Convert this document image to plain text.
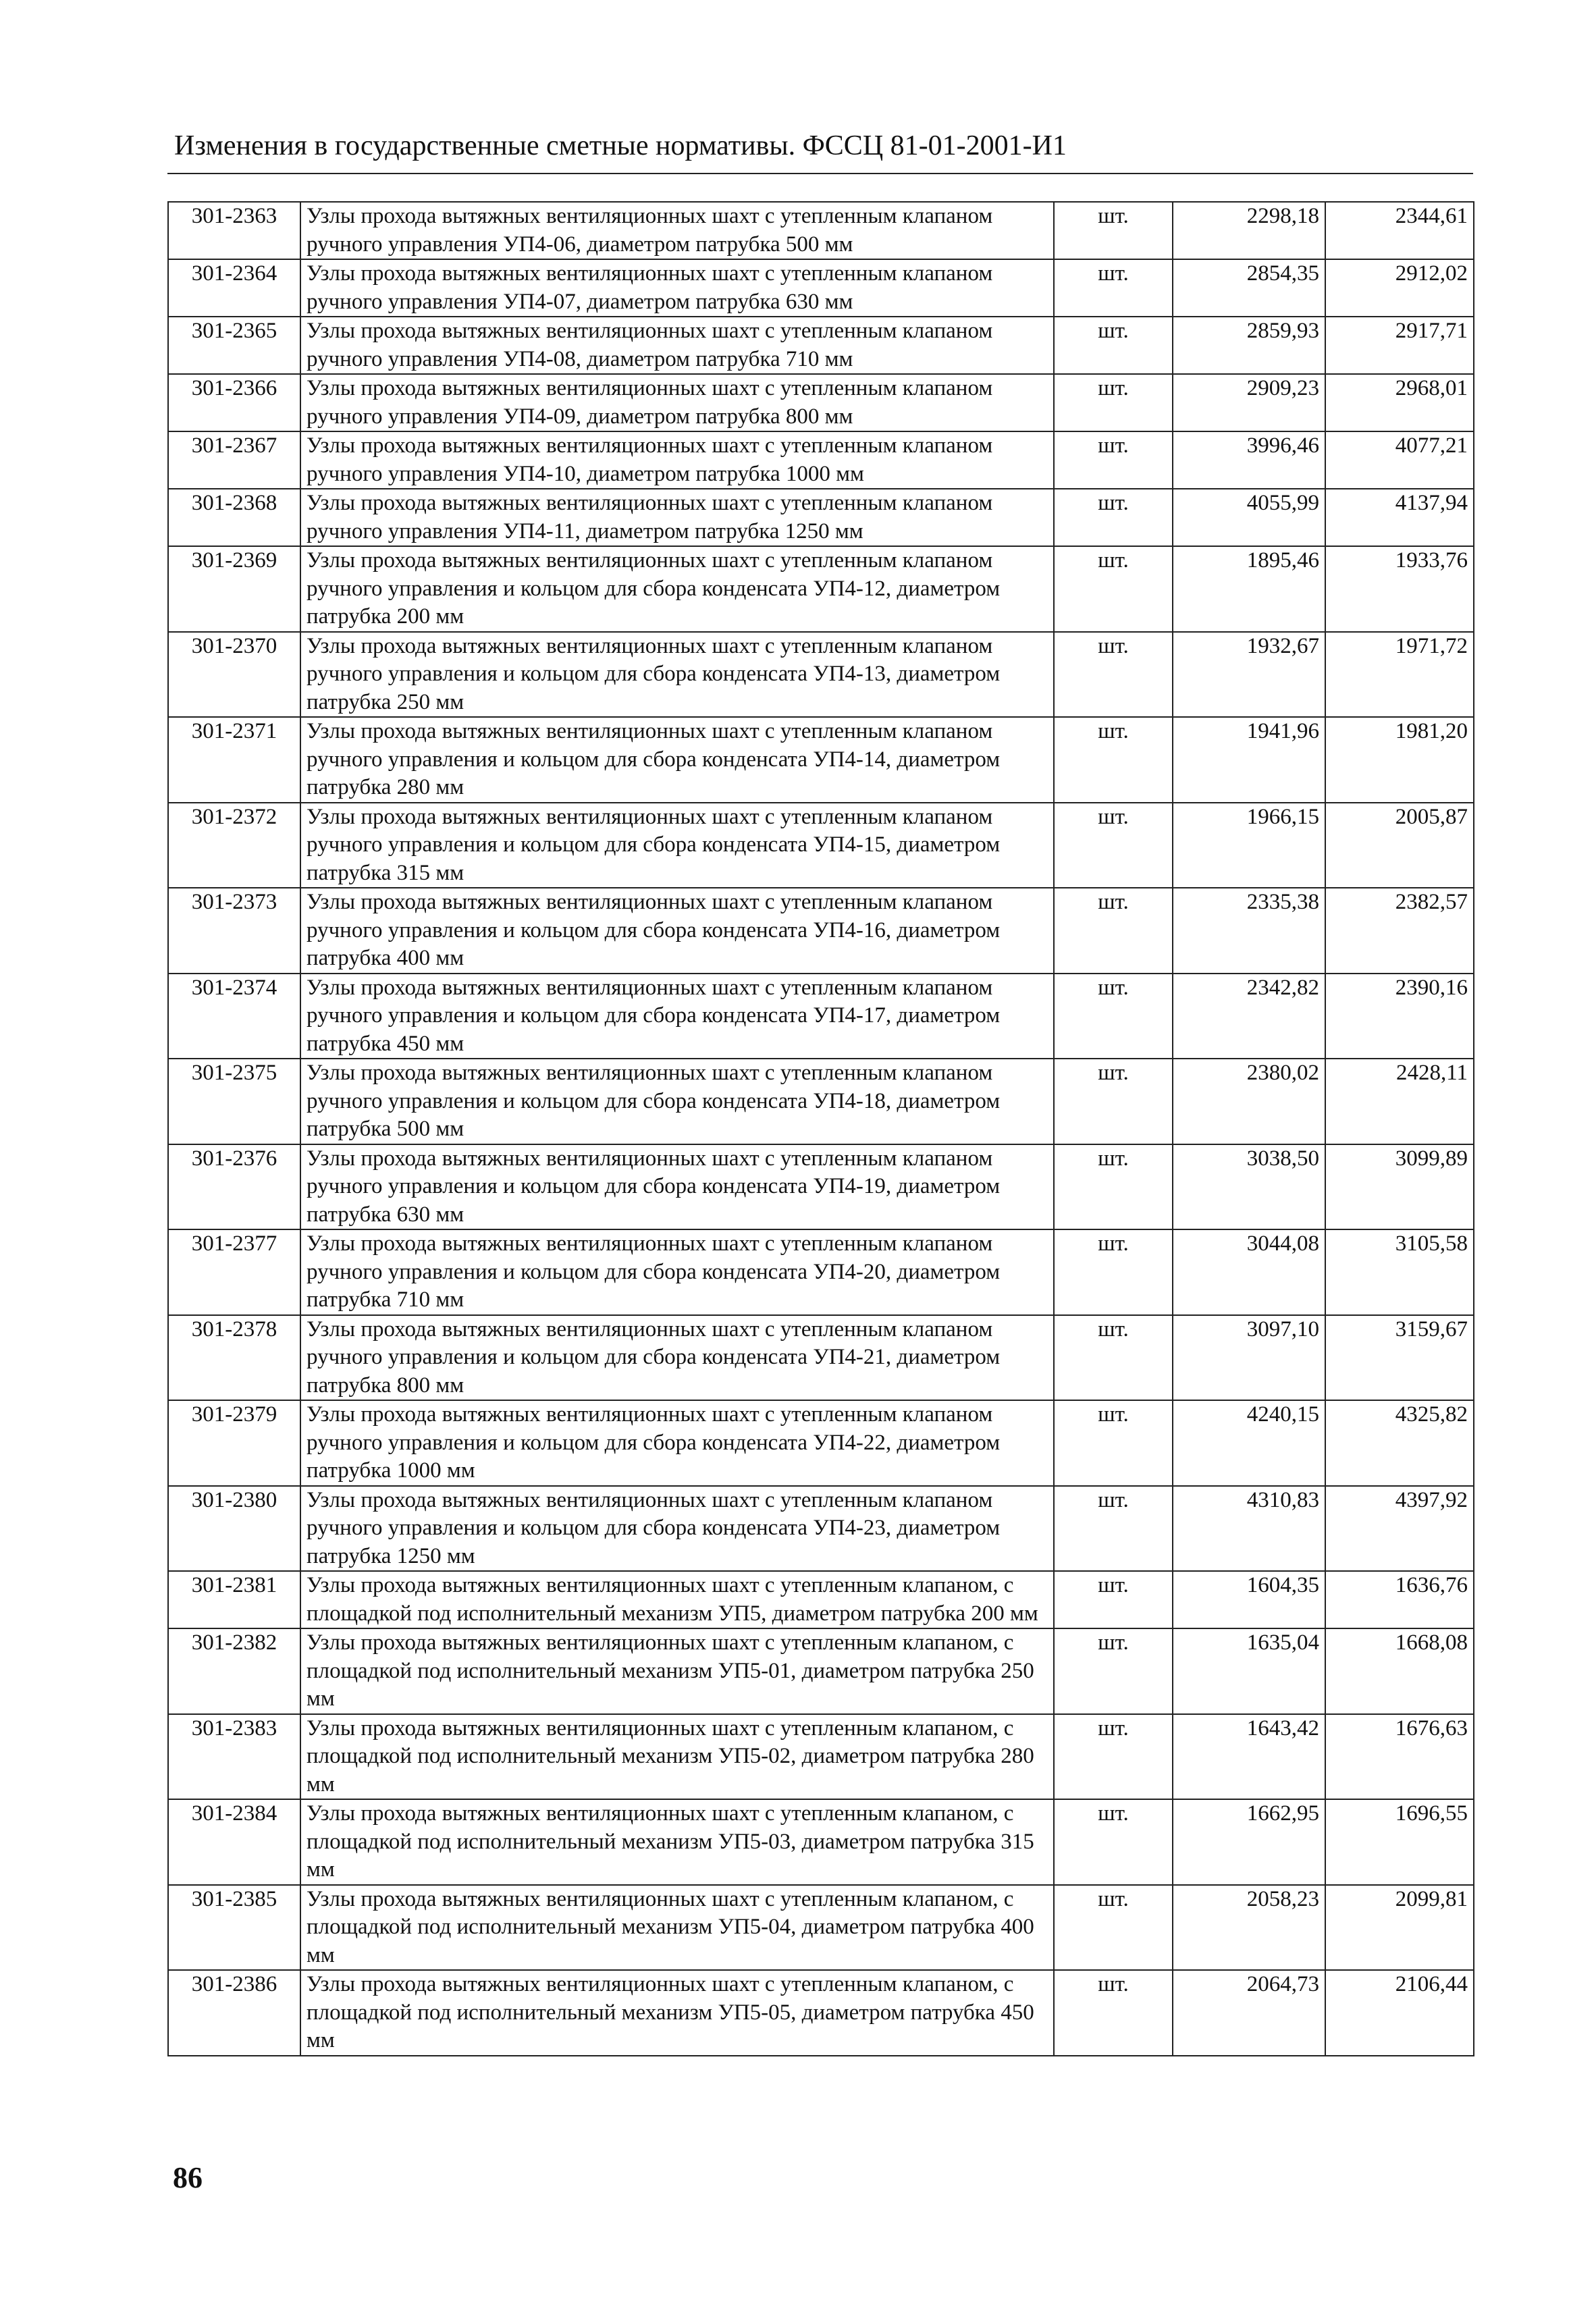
Изменения в государственные сметные нормативы. ФССЦ 81-01-2001-И1
301-2363	Узлы прохода вытяжных вентиляционных шахт с утепленным клапаном ручного управления УП4-06, диаметром патрубка 500 мм	шт.	2298,18	2344,61
301-2364	Узлы прохода вытяжных вентиляционных шахт с утепленным клапаном ручного управления УП4-07, диаметром патрубка 630 мм	шт.	2854,35	2912,02
301-2365	Узлы прохода вытяжных вентиляционных шахт с утепленным клапаном ручного управления УП4-08, диаметром патрубка 710 мм	шт.	2859,93	2917,71
301-2366	Узлы прохода вытяжных вентиляционных шахт с утепленным клапаном ручного управления УП4-09, диаметром патрубка 800 мм	шт.	2909,23	2968,01
301-2367	Узлы прохода вытяжных вентиляционных шахт с утепленным клапаном ручного управления УП4-10, диаметром патрубка 1000 мм	шт.	3996,46	4077,21
301-2368	Узлы прохода вытяжных вентиляционных шахт с утепленным клапаном ручного управления УП4-11, диаметром патрубка 1250 мм	шт.	4055,99	4137,94
301-2369	Узлы прохода вытяжных вентиляционных шахт с утепленным клапаном ручного управления и кольцом для сбора конденсата УП4-12, диаметром патрубка 200 мм	шт.	1895,46	1933,76
301-2370	Узлы прохода вытяжных вентиляционных шахт с утепленным клапаном ручного управления и кольцом для сбора конденсата УП4-13, диаметром патрубка 250 мм	шт.	1932,67	1971,72
301-2371	Узлы прохода вытяжных вентиляционных шахт с утепленным клапаном ручного управления и кольцом для сбора конденсата УП4-14, диаметром патрубка 280 мм	шт.	1941,96	1981,20
301-2372	Узлы прохода вытяжных вентиляционных шахт с утепленным клапаном ручного управления и кольцом для сбора конденсата УП4-15, диаметром патрубка 315 мм	шт.	1966,15	2005,87
301-2373	Узлы прохода вытяжных вентиляционных шахт с утепленным клапаном ручного управления и кольцом для сбора конденсата УП4-16, диаметром патрубка 400 мм	шт.	2335,38	2382,57
301-2374	Узлы прохода вытяжных вентиляционных шахт с утепленным клапаном ручного управления и кольцом для сбора конденсата УП4-17, диаметром патрубка 450 мм	шт.	2342,82	2390,16
301-2375	Узлы прохода вытяжных вентиляционных шахт с утепленным клапаном ручного управления и кольцом для сбора конденсата УП4-18, диаметром патрубка 500 мм	шт.	2380,02	2428,11
301-2376	Узлы прохода вытяжных вентиляционных шахт с утепленным клапаном ручного управления и кольцом для сбора конденсата УП4-19, диаметром патрубка 630 мм	шт.	3038,50	3099,89
301-2377	Узлы прохода вытяжных вентиляционных шахт с утепленным клапаном ручного управления и кольцом для сбора конденсата УП4-20, диаметром патрубка 710 мм	шт.	3044,08	3105,58
301-2378	Узлы прохода вытяжных вентиляционных шахт с утепленным клапаном ручного управления и кольцом для сбора конденсата УП4-21, диаметром патрубка 800 мм	шт.	3097,10	3159,67
301-2379	Узлы прохода вытяжных вентиляционных шахт с утепленным клапаном ручного управления и кольцом для сбора конденсата УП4-22, диаметром патрубка 1000 мм	шт.	4240,15	4325,82
301-2380	Узлы прохода вытяжных вентиляционных шахт с утепленным клапаном ручного управления и кольцом для сбора конденсата УП4-23, диаметром патрубка 1250 мм	шт.	4310,83	4397,92
301-2381	Узлы прохода вытяжных вентиляционных шахт с утепленным клапаном, с площадкой под исполнительный механизм УП5, диаметром патрубка 200 мм	шт.	1604,35	1636,76
301-2382	Узлы прохода вытяжных вентиляционных шахт с утепленным клапаном, с площадкой под исполнительный механизм УП5-01, диаметром патрубка 250 мм	шт.	1635,04	1668,08
301-2383	Узлы прохода вытяжных вентиляционных шахт с утепленным клапаном, с площадкой под исполнительный механизм УП5-02, диаметром патрубка 280 мм	шт.	1643,42	1676,63
301-2384	Узлы прохода вытяжных вентиляционных шахт с утепленным клапаном, с площадкой под исполнительный механизм УП5-03, диаметром патрубка 315 мм	шт.	1662,95	1696,55
301-2385	Узлы прохода вытяжных вентиляционных шахт с утепленным клапаном, с площадкой под исполнительный механизм УП5-04, диаметром патрубка 400 мм	шт.	2058,23	2099,81
301-2386	Узлы прохода вытяжных вентиляционных шахт с утепленным клапаном, с площадкой под исполнительный механизм УП5-05, диаметром патрубка 450 мм	шт.	2064,73	2106,44
86
